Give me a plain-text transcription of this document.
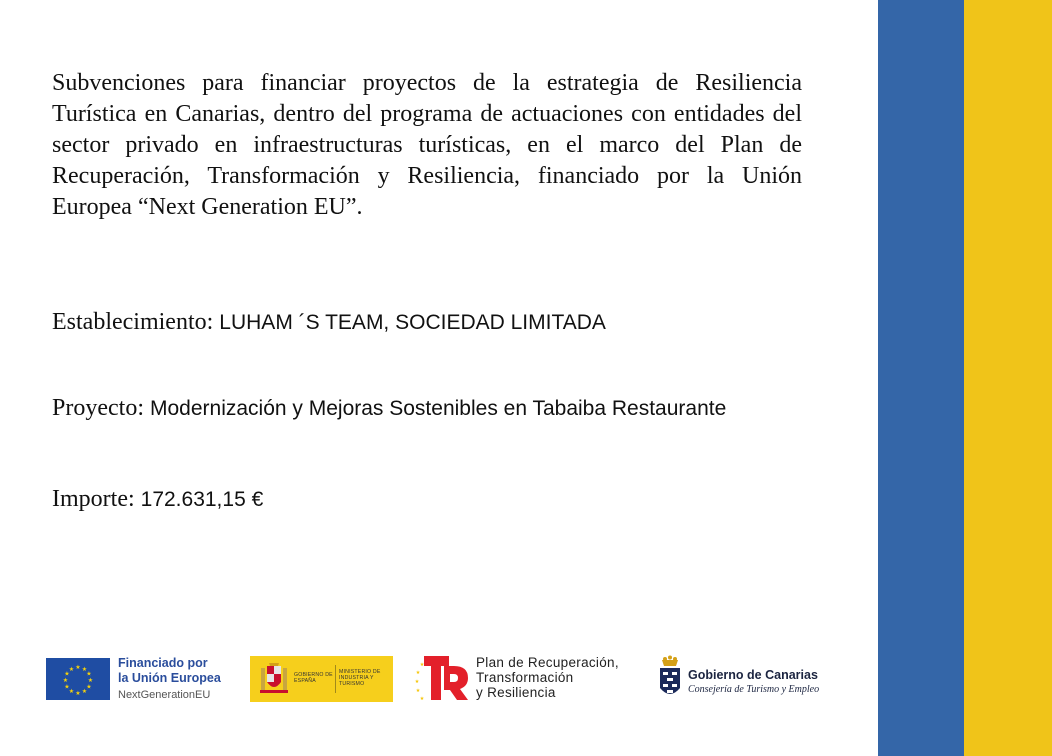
Subvenciones para financiar proyectos de la estrategia de Resiliencia Turística en Canarias, dentro del programa de actuaciones con entidades del sector privado en infraestructuras turísticas, en el marco del Plan de Recuperación, Transformación y Resiliencia, financiado por la Unión Europea “Next Generation EU”.

Establecimiento: LUHAM ´S TEAM, SOCIEDAD LIMITADA
Proyecto: Modernización y Mejoras Sostenibles en Tabaiba Restaurante
Importe: 172.631,15 €
★ ★
★
★
★
★
★
★
★
★
★
★	Financiado por
la Unión Europea
NextGenerationEU
GOBIERNO DE ESPAÑA
MINISTERIO DE INDUSTRIA Y TURISMO
★
★
★
★
★
Plan de Recuperación,
Transformación
y Resiliencia
Gobierno de Canarias
Consejería de Turismo y Empleo
